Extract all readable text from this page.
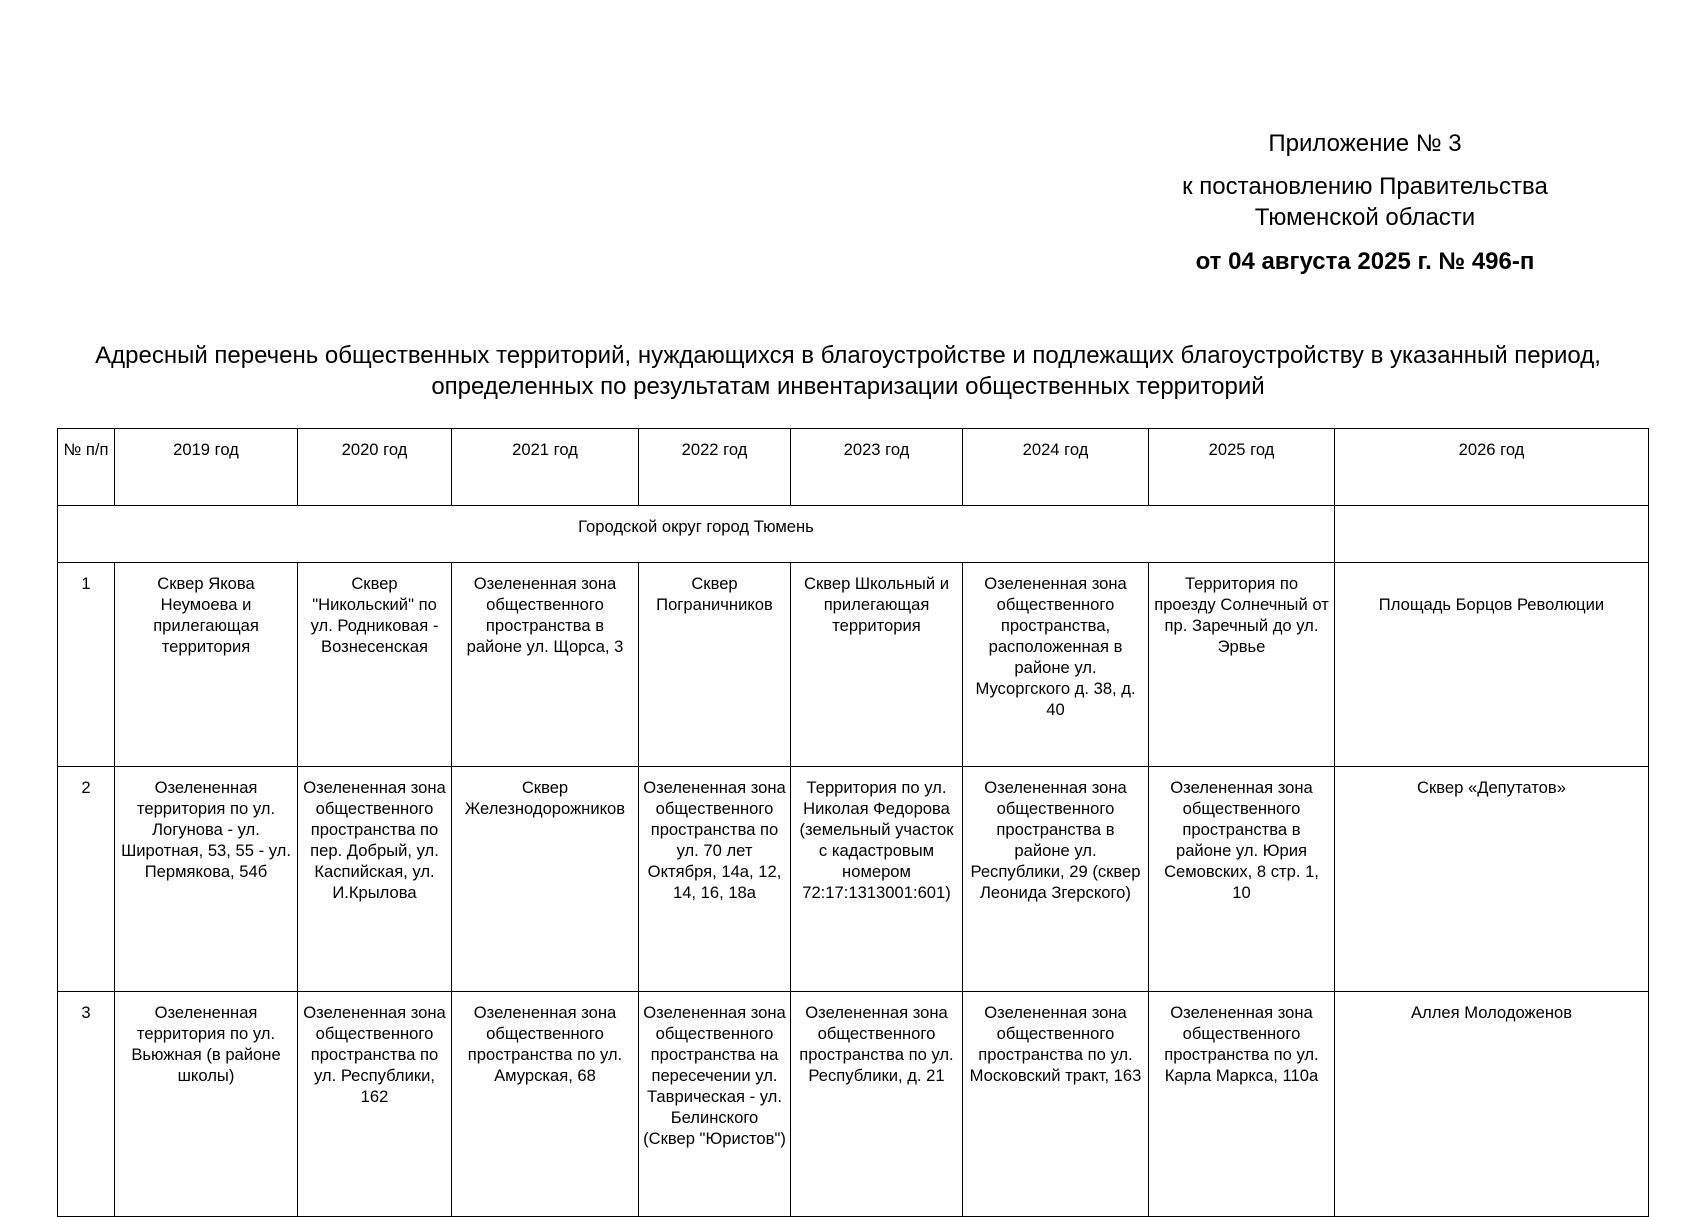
Приложение № 3
к постановлению Правительства
Тюменской области
от 04 августа 2025 г. № 496-п
Адресный перечень общественных территорий, нуждающихся в благоустройстве и подлежащих благоустройству в указанный период, определенных по результатам инвентаризации общественных территорий
№ п/п	2019 год	2020 год	2021 год	2022 год	2023 год	2024 год	2025 год	2026 год
Городской округ город Тюмень								
1	Сквер Якова Неумоева и прилегающая территория	Сквер "Никольский" по ул. Родниковая - Вознесенская	Озелененная зона общественного пространства в районе ул. Щорса, 3	Сквер Пограничников	Сквер Школьный и прилегающая территория	Озелененная зона общественного пространства, расположенная в районе ул. Мусоргского д. 38, д. 40	Территория по проезду Солнечный от пр. Заречный до ул. Эрвье	Площадь Борцов Революции
2	Озелененная территория по ул. Логунова - ул. Широтная, 53, 55 - ул. Пермякова, 54б	Озелененная зона общественного пространства по пер. Добрый, ул. Каспийская, ул. И.Крылова	Сквер Железнодорожников	Озелененная зона общественного пространства по ул. 70 лет Октября, 14а, 12, 14, 16, 18а	Территория по ул. Николая Федорова (земельный участок с кадастровым номером 72:17:1313001:601)	Озелененная зона общественного пространства в районе ул. Республики, 29 (сквер Леонида Згерского)	Озелененная зона общественного пространства в районе ул. Юрия Семовских, 8 стр. 1, 10	Сквер «Депутатов»
3	Озелененная территория по ул. Вьюжная (в районе школы)	Озелененная зона общественного пространства по ул. Республики, 162	Озелененная зона общественного пространства по ул. Амурская, 68	Озелененная зона общественного пространства на пересечении ул. Таврическая - ул. Белинского (Сквер "Юристов")	Озелененная зона общественного пространства по ул. Республики, д. 21	Озелененная зона общественного пространства по ул. Московский тракт, 163	Озелененная зона общественного пространства по ул. Карла Маркса, 110а	Аллея Молодоженов
